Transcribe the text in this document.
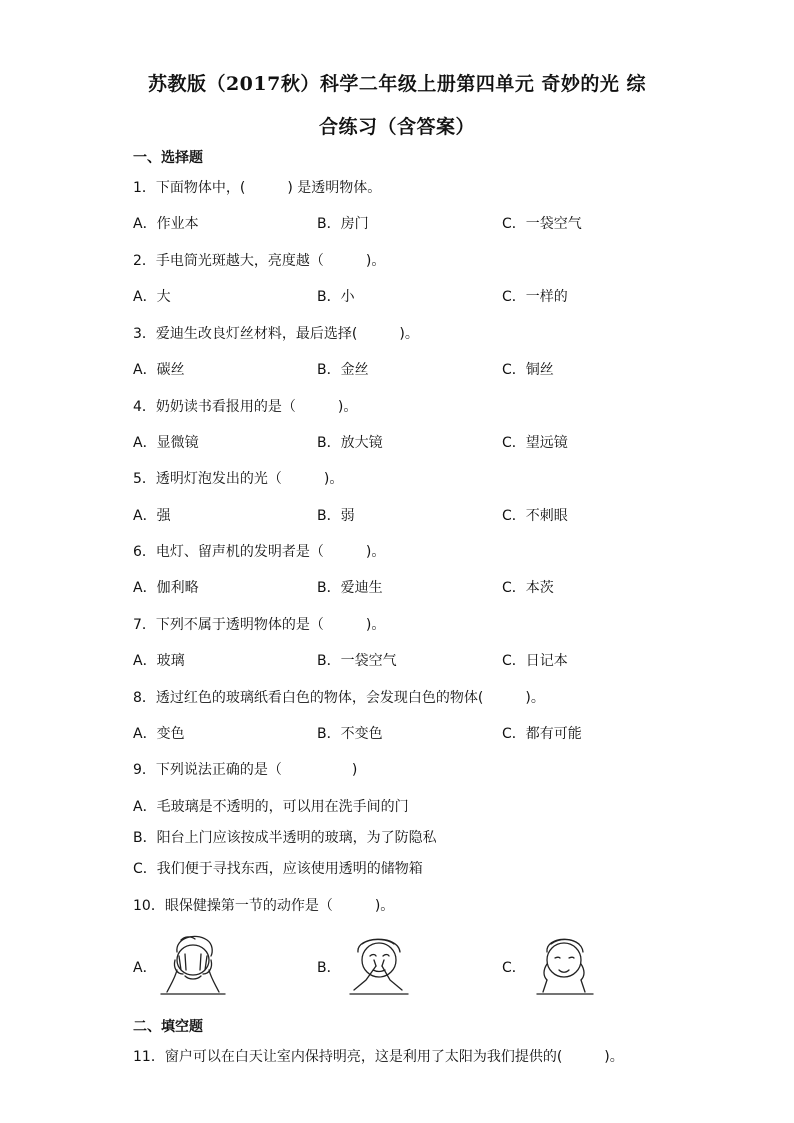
苏教版（2017秋）科学二年级上册第四单元 奇妙的光 综
合练习（含答案）
一、选择题
1．下面物体中，(　　　) 是透明物体。
A．作业本	B．房门	C．一袋空气
2．手电筒光斑越大，亮度越（　　　)。
A．大	B．小	C．一样的
3．爱迪生改良灯丝材料，最后选择(　　　)。
A．碳丝	B．金丝	C．铜丝
4．奶奶读书看报用的是（　　　)。
A．显微镜	B．放大镜	C．望远镜
5．透明灯泡发出的光（　　　)。
A．强	B．弱	C．不刺眼
6．电灯、留声机的发明者是（　　　)。
A．伽利略	B．爱迪生	C．本茨
7．下列不属于透明物体的是（　　　)。
A．玻璃	B．一袋空气	C．日记本
8．透过红色的玻璃纸看白色的物体，会发现白色的物体(　　　)。
A．变色	B．不变色	C．都有可能
9．下列说法正确的是（　　　　　)
A．毛玻璃是不透明的，可以用在洗手间的门
B．阳台上门应该按成半透明的玻璃，为了防隐私
C．我们便于寻找东西，应该使用透明的储物箱
10．眼保健操第一节的动作是（　　　)。
A．	B．	C．
二、填空题
11．窗户可以在白天让室内保持明亮，这是利用了太阳为我们提供的(　　　)。
